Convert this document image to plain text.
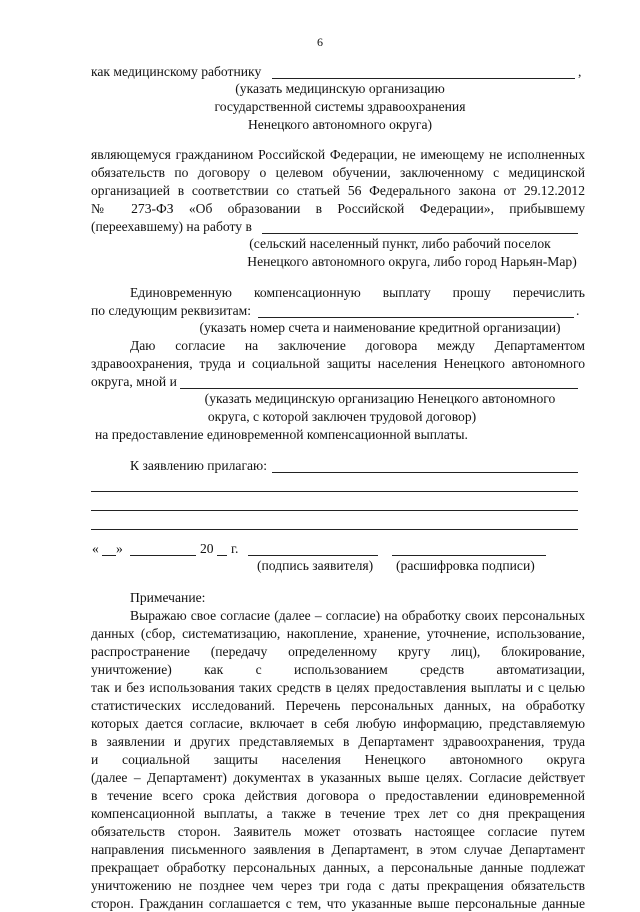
6
как медицинскому работнику	,
(указать медицинскую организацию
государственной системы здравоохранения
Ненецкого автономного округа)
являющемуся гражданином Российской Федерации, не имеющему не исполненных
обязательств по договору о целевом обучении, заключенному с медицинской
организацией в соответствии со статьей 56 Федерального закона от 29.12.2012
№ 273-ФЗ «Об образовании в Российской Федерации», прибывшему
(переехавшему) на работу в
(сельский населенный пункт, либо рабочий поселок
Ненецкого автономного округа, либо город Нарьян-Мар)
Единовременную компенсационную выплату прошу перечислить
по следующим реквизитам:	.
(указать номер счета и наименование кредитной организации)
Даю согласие на заключение договора между Департаментом
здравоохранения, труда и социальной защиты населения Ненецкого автономного
округа, мной и
(указать медицинскую организацию Ненецкого автономного
округа, с которой заключен трудовой договор)
на предоставление единовременной компенсационной выплаты.
К заявлению прилагаю:
« »	20 г.
(подпись заявителя) (расшифровка подписи)
Примечание:
Выражаю свое согласие (далее – согласие) на обработку своих персональных
данных (сбор, систематизацию, накопление, хранение, уточнение, использование,
распространение (передачу определенному кругу лиц), блокирование,
уничтожение) как с использованием средств автоматизации,
так и без использования таких средств в целях предоставления выплаты и с целью
статистических исследований. Перечень персональных данных, на обработку
которых дается согласие, включает в себя любую информацию, представляемую
в заявлении и других представляемых в Департамент здравоохранения, труда
и социальной защиты населения Ненецкого автономного округа
(далее – Департамент) документах в указанных выше целях. Согласие действует
в течение всего срока действия договора о предоставлении единовременной
компенсационной выплаты, а также в течение трех лет со дня прекращения
обязательств сторон. Заявитель может отозвать настоящее согласие путем
направления письменного заявления в Департамент, в этом случае Департамент
прекращает обработку персональных данных, а персональные данные подлежат
уничтожению не позднее чем через три года с даты прекращения обязательств
сторон. Гражданин соглашается с тем, что указанные выше персональные данные
